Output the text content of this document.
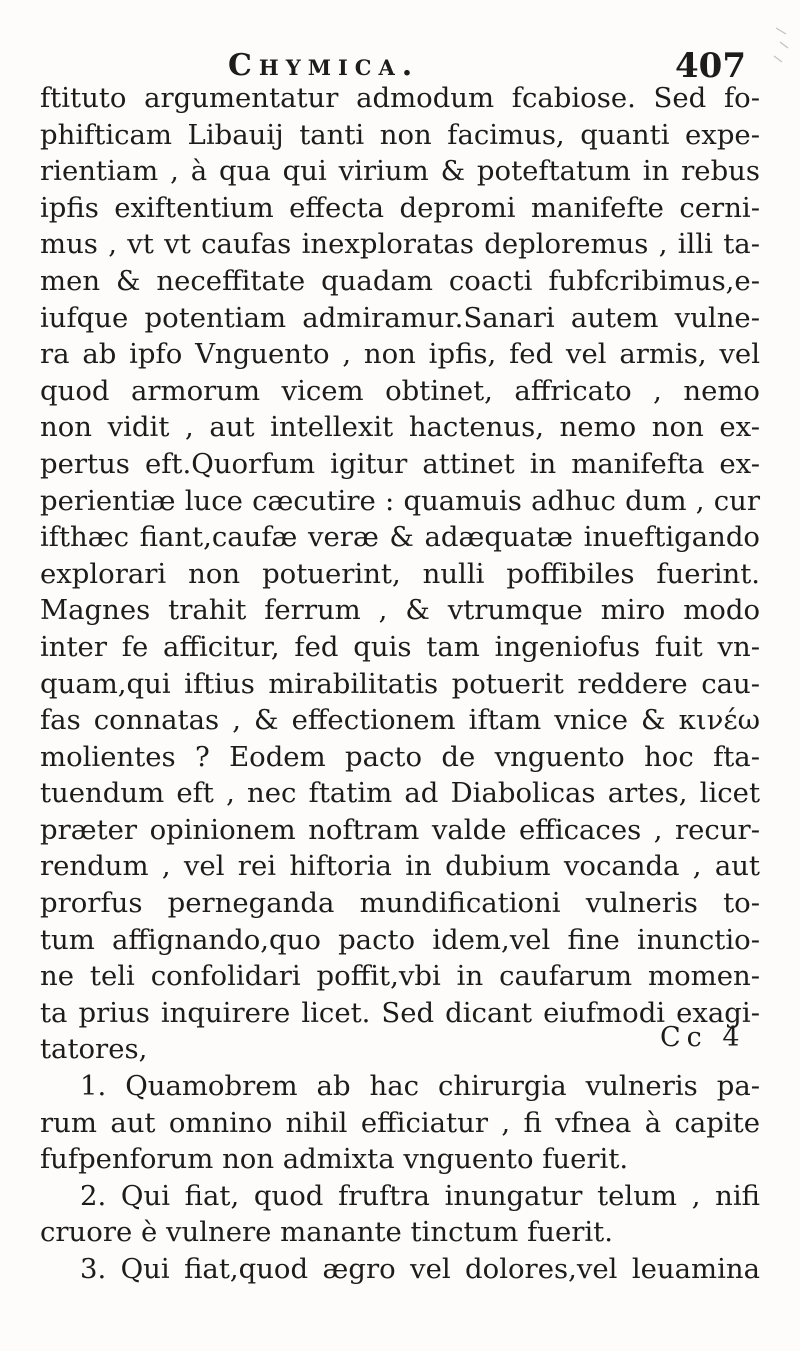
Chymica.	407
ftituto argumentatur admodum fcabiose. Sed fo-
phifticam Libauij tanti non facimus, quanti expe-
rientiam , à qua qui virium & poteftatum in rebus
ipfis exiftentium effecta depromi manifefte cerni-
mus , vt vt caufas inexploratas deploremus , illi ta-
men & neceffitate quadam coacti fubfcribimus,e-
iufque potentiam admiramur.Sanari autem vulne-
ra ab ipfo Vnguento , non ipfis, fed vel armis, vel
quod armorum vicem obtinet, affricato , nemo
non vidit , aut intellexit hactenus, nemo non ex-
pertus eft.Quorfum igitur attinet in manifefta ex-
perientiæ luce cæcutire : quamuis adhuc dum , cur
ifthæc fiant,caufæ veræ & adæquatæ inueftigando
explorari non potuerint, nulli poffibiles fuerint.
Magnes trahit ferrum , & vtrumque miro modo
inter fe afficitur, fed quis tam ingeniofus fuit vn-
quam,qui iftius mirabilitatis potuerit reddere cau-
fas connatas , & effectionem iftam vnice & κινέω
molientes ? Eodem pacto de vnguento hoc fta-
tuendum eft , nec ftatim ad Diabolicas artes, licet
præter opinionem noftram valde efficaces , recur-
rendum , vel rei hiftoria in dubium vocanda , aut
prorfus perneganda mundificationi vulneris to-
tum affignando,quo pacto idem,vel fine inunctio-
ne teli confolidari poffit,vbi in caufarum momen-
ta prius inquirere licet. Sed dicant eiufmodi exagi-
tatores,
1. Quamobrem ab hac chirurgia vulneris pa-
rum aut omnino nihil efficiatur , fi vfnea à capite
fufpenforum non admixta vnguento fuerit.
2. Qui fiat, quod fruftra inungatur telum , nifi
cruore è vulnere manante tinctum fuerit.
3. Qui fiat,quod ægro vel dolores,vel leuamina
Cc 4
